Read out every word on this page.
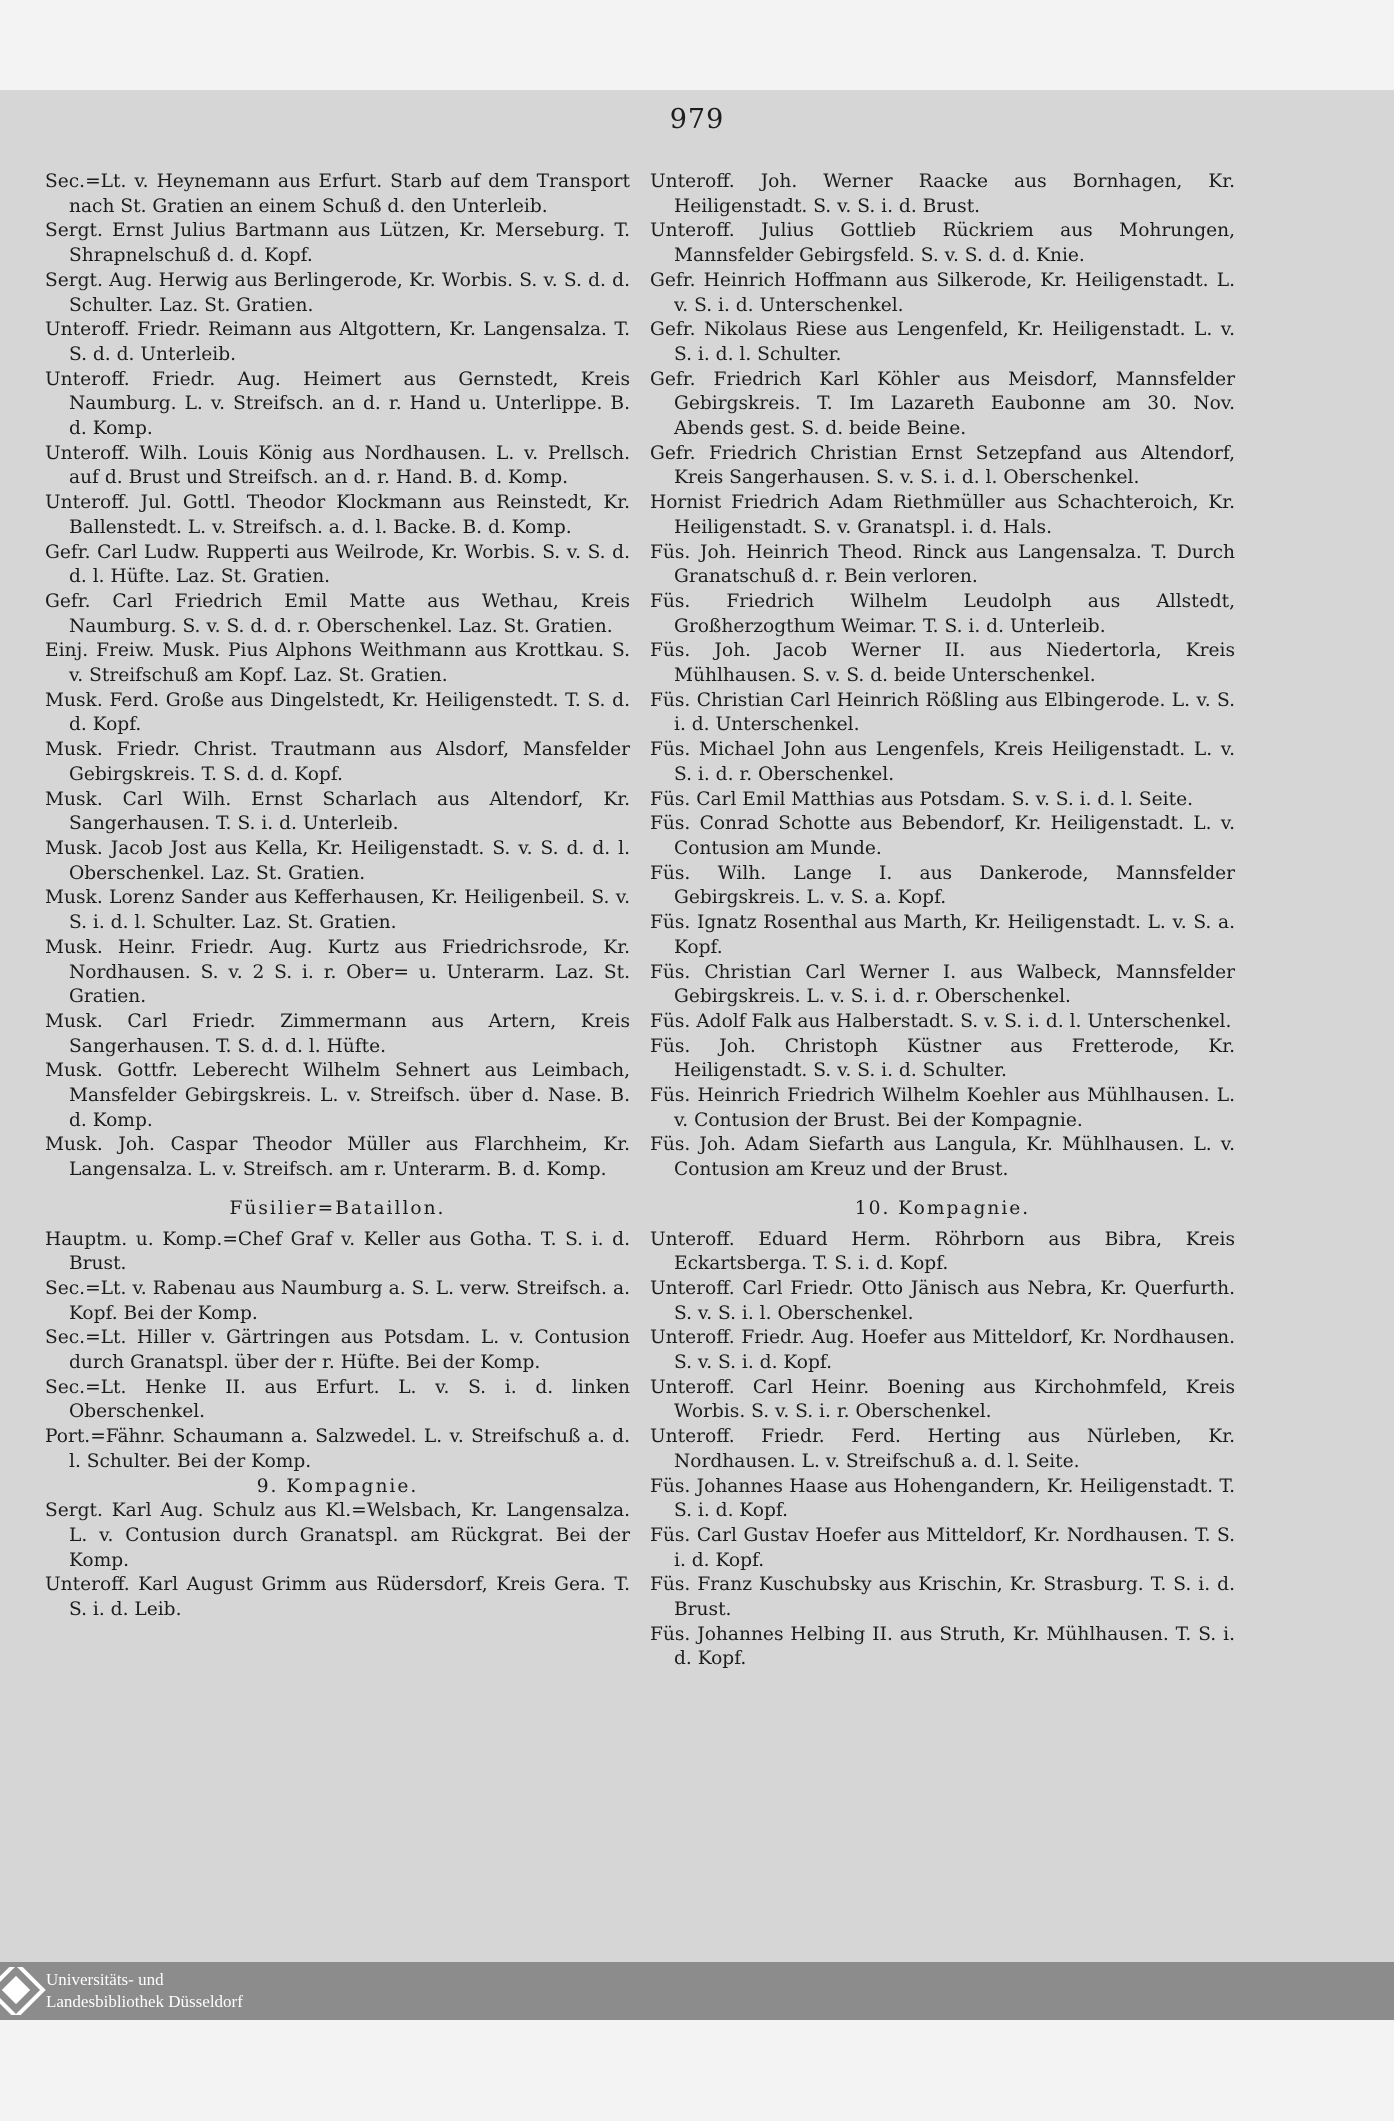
979

Sec.=Lt. v. Heynemann aus Erfurt. Starb auf dem Transport nach St. Gratien an einem Schuß d. den Unterleib.

Sergt. Ernst Julius Bartmann aus Lützen, Kr. Merseburg. T. Shrapnelschuß d. d. Kopf.

Sergt. Aug. Herwig aus Berlingerode, Kr. Worbis. S. v. S. d. d. Schulter. Laz. St. Gratien.

Unteroff. Friedr. Reimann aus Altgottern, Kr. Langensalza. T. S. d. d. Unterleib.

Unteroff. Friedr. Aug. Heimert aus Gernstedt, Kreis Naumburg. L. v. Streifsch. an d. r. Hand u. Unterlippe. B. d. Komp.

Unteroff. Wilh. Louis König aus Nordhausen. L. v. Prellsch. auf d. Brust und Streifsch. an d. r. Hand. B. d. Komp.

Unteroff. Jul. Gottl. Theodor Klockmann aus Reinstedt, Kr. Ballenstedt. L. v. Streifsch. a. d. l. Backe. B. d. Komp.

Gefr. Carl Ludw. Rupperti aus Weilrode, Kr. Worbis. S. v. S. d. d. l. Hüfte. Laz. St. Gratien.

Gefr. Carl Friedrich Emil Matte aus Wethau, Kreis Naumburg. S. v. S. d. d. r. Oberschenkel. Laz. St. Gratien.

Einj. Freiw. Musk. Pius Alphons Weithmann aus Krottkau. S. v. Streifschuß am Kopf. Laz. St. Gratien.

Musk. Ferd. Große aus Dingelstedt, Kr. Heiligenstedt. T. S. d. d. Kopf.

Musk. Friedr. Christ. Trautmann aus Alsdorf, Mansfelder Gebirgskreis. T. S. d. d. Kopf.

Musk. Carl Wilh. Ernst Scharlach aus Altendorf, Kr. Sangerhausen. T. S. i. d. Unterleib.

Musk. Jacob Jost aus Kella, Kr. Heiligenstadt. S. v. S. d. d. l. Oberschenkel. Laz. St. Gratien.

Musk. Lorenz Sander aus Kefferhausen, Kr. Heiligenbeil. S. v. S. i. d. l. Schulter. Laz. St. Gratien.

Musk. Heinr. Friedr. Aug. Kurtz aus Friedrichsrode, Kr. Nordhausen. S. v. 2 S. i. r. Ober= u. Unterarm. Laz. St. Gratien.

Musk. Carl Friedr. Zimmermann aus Artern, Kreis Sangerhausen. T. S. d. d. l. Hüfte.

Musk. Gottfr. Leberecht Wilhelm Sehnert aus Leimbach, Mansfelder Gebirgskreis. L. v. Streifsch. über d. Nase. B. d. Komp.

Musk. Joh. Caspar Theodor Müller aus Flarchheim, Kr. Langensalza. L. v. Streifsch. am r. Unterarm. B. d. Komp.

Füsilier=Bataillon.

Hauptm. u. Komp.=Chef Graf v. Keller aus Gotha. T. S. i. d. Brust.

Sec.=Lt. v. Rabenau aus Naumburg a. S. L. verw. Streifsch. a. Kopf. Bei der Komp.

Sec.=Lt. Hiller v. Gärtringen aus Potsdam. L. v. Contusion durch Granatspl. über der r. Hüfte. Bei der Komp.

Sec.=Lt. Henke II. aus Erfurt. L. v. S. i. d. linken Oberschenkel.

Port.=Fähnr. Schaumann a. Salzwedel. L. v. Streifschuß a. d. l. Schulter. Bei der Komp.

9. Kompagnie.

Sergt. Karl Aug. Schulz aus Kl.=Welsbach, Kr. Langensalza. L. v. Contusion durch Granatspl. am Rückgrat. Bei der Komp.

Unteroff. Karl August Grimm aus Rüdersdorf, Kreis Gera. T. S. i. d. Leib.

Unteroff. Joh. Werner Raacke aus Bornhagen, Kr. Heiligenstadt. S. v. S. i. d. Brust.

Unteroff. Julius Gottlieb Rückriem aus Mohrungen, Mannsfelder Gebirgsfeld. S. v. S. d. d. Knie.

Gefr. Heinrich Hoffmann aus Silkerode, Kr. Heiligenstadt. L. v. S. i. d. Unterschenkel.

Gefr. Nikolaus Riese aus Lengenfeld, Kr. Heiligenstadt. L. v. S. i. d. l. Schulter.

Gefr. Friedrich Karl Köhler aus Meisdorf, Mannsfelder Gebirgskreis. T. Im Lazareth Eaubonne am 30. Nov. Abends gest. S. d. beide Beine.

Gefr. Friedrich Christian Ernst Setzepfand aus Altendorf, Kreis Sangerhausen. S. v. S. i. d. l. Oberschenkel.

Hornist Friedrich Adam Riethmüller aus Schachteroich, Kr. Heiligenstadt. S. v. Granatspl. i. d. Hals.

Füs. Joh. Heinrich Theod. Rinck aus Langensalza. T. Durch Granatschuß d. r. Bein verloren.

Füs. Friedrich Wilhelm Leudolph aus Allstedt, Großherzogthum Weimar. T. S. i. d. Unterleib.

Füs. Joh. Jacob Werner II. aus Niedertorla, Kreis Mühlhausen. S. v. S. d. beide Unterschenkel.

Füs. Christian Carl Heinrich Rößling aus Elbingerode. L. v. S. i. d. Unterschenkel.

Füs. Michael John aus Lengenfels, Kreis Heiligenstadt. L. v. S. i. d. r. Oberschenkel.

Füs. Carl Emil Matthias aus Potsdam. S. v. S. i. d. l. Seite.

Füs. Conrad Schotte aus Bebendorf, Kr. Heiligenstadt. L. v. Contusion am Munde.

Füs. Wilh. Lange I. aus Dankerode, Mannsfelder Gebirgskreis. L. v. S. a. Kopf.

Füs. Ignatz Rosenthal aus Marth, Kr. Heiligenstadt. L. v. S. a. Kopf.

Füs. Christian Carl Werner I. aus Walbeck, Mannsfelder Gebirgskreis. L. v. S. i. d. r. Oberschenkel.

Füs. Adolf Falk aus Halberstadt. S. v. S. i. d. l. Unterschenkel.

Füs. Joh. Christoph Küstner aus Fretterode, Kr. Heiligenstadt. S. v. S. i. d. Schulter.

Füs. Heinrich Friedrich Wilhelm Koehler aus Mühlhausen. L. v. Contusion der Brust. Bei der Kompagnie.

Füs. Joh. Adam Siefarth aus Langula, Kr. Mühlhausen. L. v. Contusion am Kreuz und der Brust.

10. Kompagnie.

Unteroff. Eduard Herm. Röhrborn aus Bibra, Kreis Eckartsberga. T. S. i. d. Kopf.

Unteroff. Carl Friedr. Otto Jänisch aus Nebra, Kr. Querfurth. S. v. S. i. l. Oberschenkel.

Unteroff. Friedr. Aug. Hoefer aus Mitteldorf, Kr. Nordhausen. S. v. S. i. d. Kopf.

Unteroff. Carl Heinr. Boening aus Kirchohmfeld, Kreis Worbis. S. v. S. i. r. Oberschenkel.

Unteroff. Friedr. Ferd. Herting aus Nürleben, Kr. Nordhausen. L. v. Streifschuß a. d. l. Seite.

Füs. Johannes Haase aus Hohengandern, Kr. Heiligenstadt. T. S. i. d. Kopf.

Füs. Carl Gustav Hoefer aus Mitteldorf, Kr. Nordhausen. T. S. i. d. Kopf.

Füs. Franz Kuschubsky aus Krischin, Kr. Strasburg. T. S. i. d. Brust.

Füs. Johannes Helbing II. aus Struth, Kr. Mühlhausen. T. S. i. d. Kopf.

Universitäts- und
Landesbibliothek Düsseldorf
